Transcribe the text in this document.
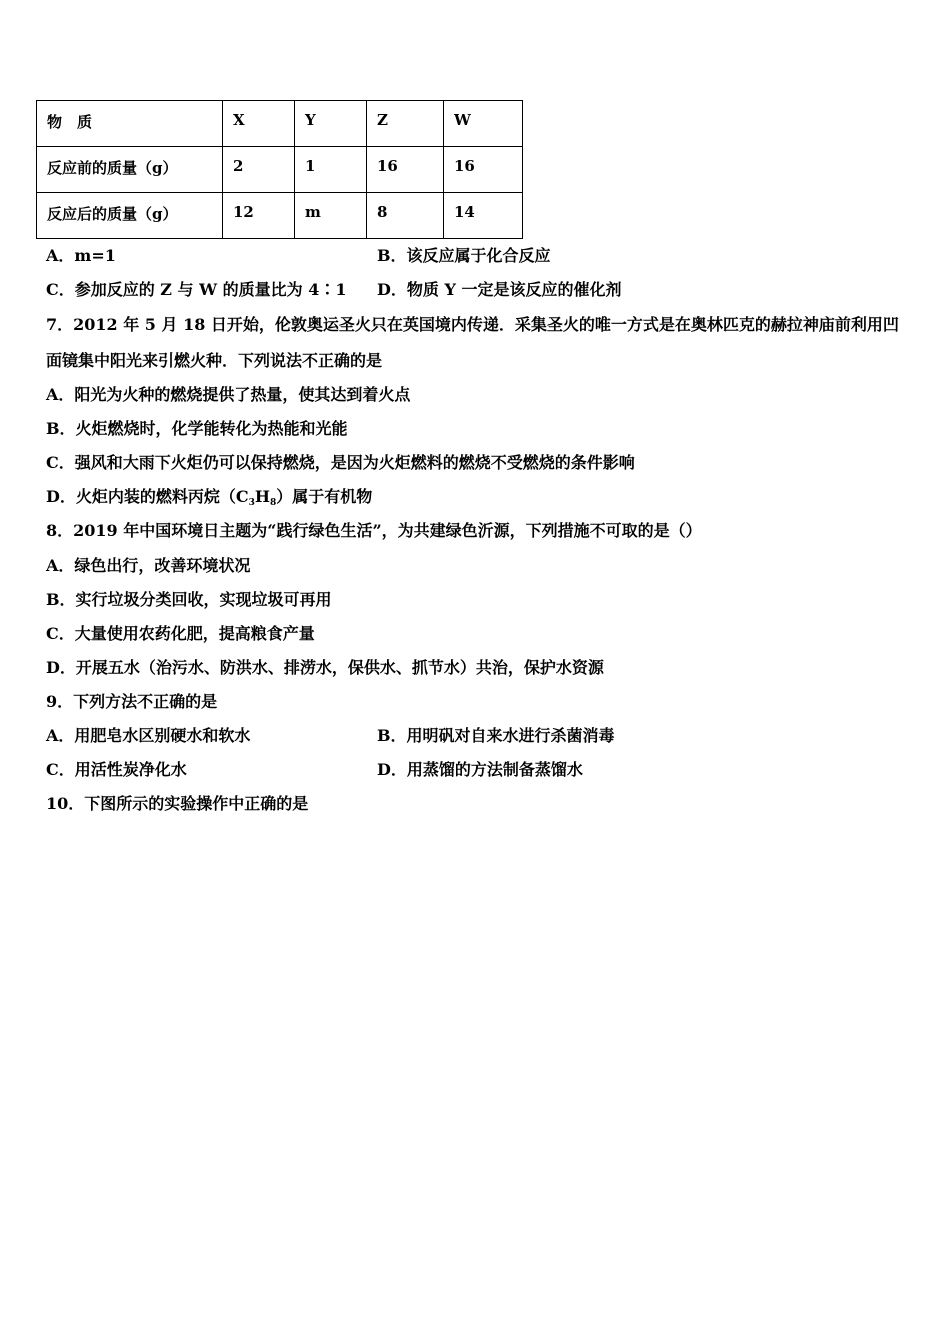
物　质	X	Y	Z	W
反应前的质量（g）	2	1	16	16
反应后的质量（g）	12	m	8	14
A．m=1	B．该反应属于化合反应
C．参加反应的 Z 与 W 的质量比为 4∶1 D．物质 Y 一定是该反应的催化剂
7．2012 年 5 月 18 日开始，伦敦奥运圣火只在英国境内传递．采集圣火的唯一方式是在奥林匹克的赫拉神庙前利用凹
面镜集中阳光来引燃火种．下列说法不正确的是
A．阳光为火种的燃烧提供了热量，使其达到着火点
B．火炬燃烧时，化学能转化为热能和光能
C．强风和大雨下火炬仍可以保持燃烧，是因为火炬燃料的燃烧不受燃烧的条件影响
D．火炬内装的燃料丙烷$(C_3H_8)$属于有机物
8．2019 年中国环境日主题为“践行绿色生活”，为共建绿色沂源，下列措施不可取的是（）
A．绿色出行，改善环境状况
B．实行垃圾分类回收，实现垃圾可再用
C．大量使用农药化肥，提高粮食产量
D．开展五水（治污水、防洪水、排涝水，保供水、抓节水）共治，保护水资源
9．下列方法不正确的是
A．用肥皂水区别硬水和软水	B．用明矾对自来水进行杀菌消毒
C．用活性炭净化水	D．用蒸馏的方法制备蒸馏水
10．下图所示的实验操作中正确的是
